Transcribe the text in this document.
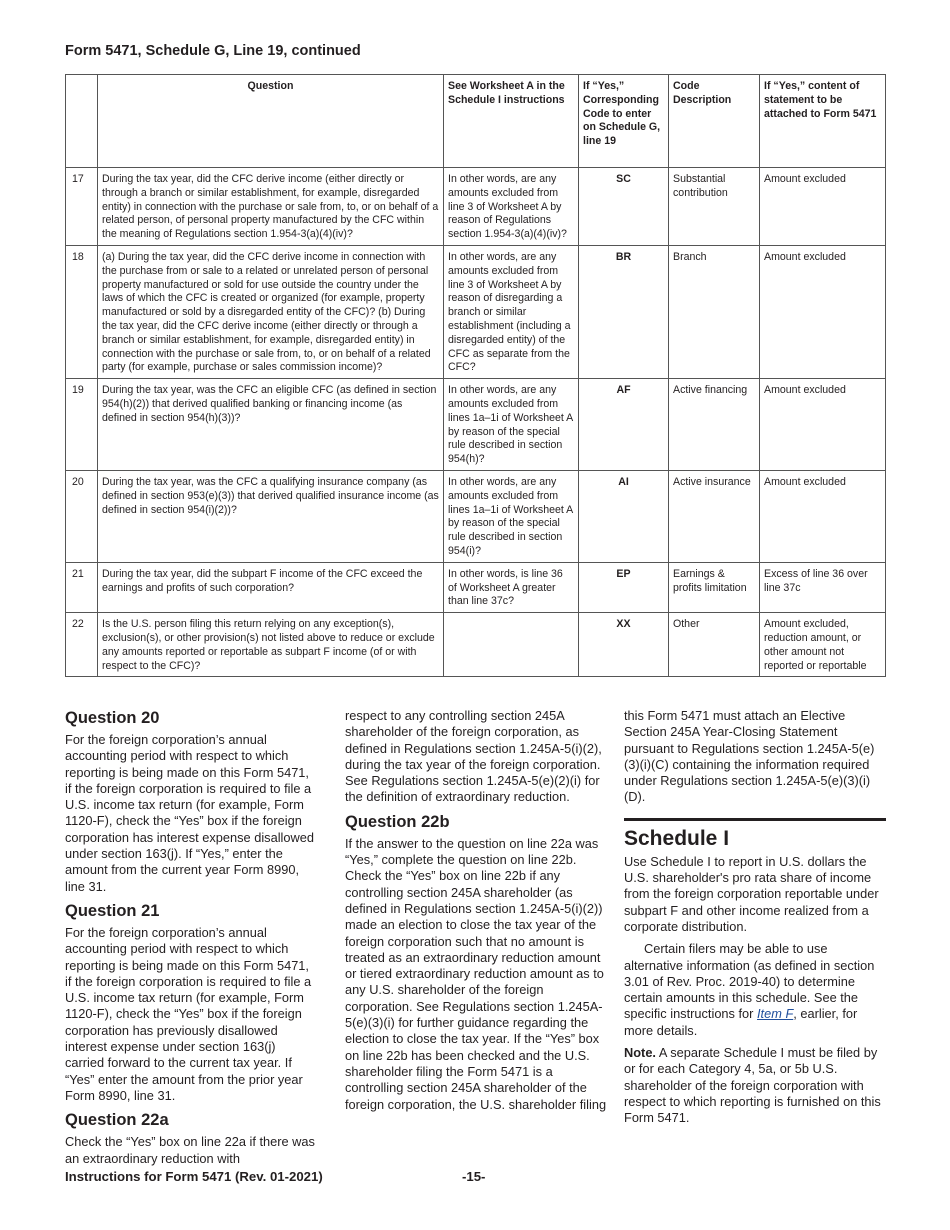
Form 5471, Schedule G, Line 19, continued
	Question	See Worksheet A in the Schedule I instructions	If “Yes,” Corresponding Code to enter on Schedule G, line 19	Code Description	If “Yes,” content of statement to be attached to Form 5471
17	During the tax year, did the CFC derive income (either directly or through a branch or similar establishment, for example, disregarded entity) in connection with the purchase or sale from, to, or on behalf of a related person, of personal property manufactured by the CFC within the meaning of Regulations section 1.954-3(a)(4)(iv)?	In other words, are any amounts excluded from line 3 of Worksheet A by reason of Regulations section 1.954-3(a)(4)(iv)?	SC	Substantial contribution	Amount excluded
18	(a) During the tax year, did the CFC derive income in connection with the purchase from or sale to a related or unrelated person of personal property manufactured or sold for use outside the country under the laws of which the CFC is created or organized (for example, property manufactured or sold by a disregarded entity of the CFC)? (b) During the tax year, did the CFC derive income (either directly or through a branch or similar establishment, for example, disregarded entity) in connection with the purchase or sale from, to, or on behalf of a related party (for example, purchase or sales commission income)?	In other words, are any amounts excluded from line 3 of Worksheet A by reason of disregarding a branch or similar establishment (including a disregarded entity) of the CFC as separate from the CFC?	BR	Branch	Amount excluded
19	During the tax year, was the CFC an eligible CFC (as defined in section 954(h)(2)) that derived qualified banking or financing income (as defined in section 954(h)(3))?	In other words, are any amounts excluded from lines 1a–1i of Worksheet A by reason of the special rule described in section 954(h)?	AF	Active financing	Amount excluded
20	During the tax year, was the CFC a qualifying insurance company (as defined in section 953(e)(3)) that derived qualified insurance income (as defined in section 954(i)(2))?	In other words, are any amounts excluded from lines 1a–1i of Worksheet A by reason of the special rule described in section 954(i)?	AI	Active insurance	Amount excluded
21	During the tax year, did the subpart F income of the CFC exceed the earnings and profits of such corporation?	In other words, is line 36 of Worksheet A greater than line 37c?	EP	Earnings & profits limitation	Excess of line 36 over line 37c
22	Is the U.S. person filing this return relying on any exception(s), exclusion(s), or other provision(s) not listed above to reduce or exclude any amounts reported or reportable as subpart F income (of or with respect to the CFC)?		XX	Other	Amount excluded, reduction amount, or other amount not reported or reportable
Question 20

For the foreign corporation’s annual accounting period with respect to which reporting is being made on this Form 5471, if the foreign corporation is required to file a U.S. income tax return (for example, Form 1120-F), check the “Yes” box if the foreign corporation has interest expense disallowed under section 163(j). If “Yes,” enter the amount from the current year Form 8990, line 31.

Question 21

For the foreign corporation’s annual accounting period with respect to which reporting is being made on this Form 5471, if the foreign corporation is required to file a U.S. income tax return (for example, Form 1120-F), check the “Yes” box if the foreign corporation has previously disallowed interest expense under section 163(j) carried forward to the current tax year. If “Yes” enter the amount from the prior year Form 8990, line 31.

Question 22a

Check the “Yes” box on line 22a if there was an extraordinary reduction with

respect to any controlling section 245A shareholder of the foreign corporation, as defined in Regulations section 1.245A-5(i)(2), during the tax year of the foreign corporation. See Regulations section 1.245A-5(e)(2)(i) for the definition of extraordinary reduction.

Question 22b

If the answer to the question on line 22a was “Yes,” complete the question on line 22b. Check the “Yes” box on line 22b if any controlling section 245A shareholder (as defined in Regulations section 1.245A-5(i)(2)) made an election to close the tax year of the foreign corporation such that no amount is treated as an extraordinary reduction amount or tiered extraordinary reduction amount as to any U.S. shareholder of the foreign corporation. See Regulations section 1.245A-5(e)(3)(i) for further guidance regarding the election to close the tax year. If the “Yes” box on line 22b has been checked and the U.S. shareholder filing the Form 5471 is a controlling section 245A shareholder of the foreign corporation, the U.S. shareholder filing

this Form 5471 must attach an Elective Section 245A Year-Closing Statement pursuant to Regulations section 1.245A-5(e)(3)(i)(C) containing the information required under Regulations section 1.245A-5(e)(3)(i)(D).

Schedule I

Use Schedule I to report in U.S. dollars the U.S. shareholder's pro rata share of income from the foreign corporation reportable under subpart F and other income realized from a corporate distribution.

Certain filers may be able to use alternative information (as defined in section 3.01 of Rev. Proc. 2019-40) to determine certain amounts in this schedule. See the specific instructions for Item F, earlier, for more details.

Note. A separate Schedule I must be filed by or for each Category 4, 5a, or 5b U.S. shareholder of the foreign corporation with respect to which reporting is furnished on this Form 5471.

Instructions for Form 5471 (Rev. 01-2021)	-15-
